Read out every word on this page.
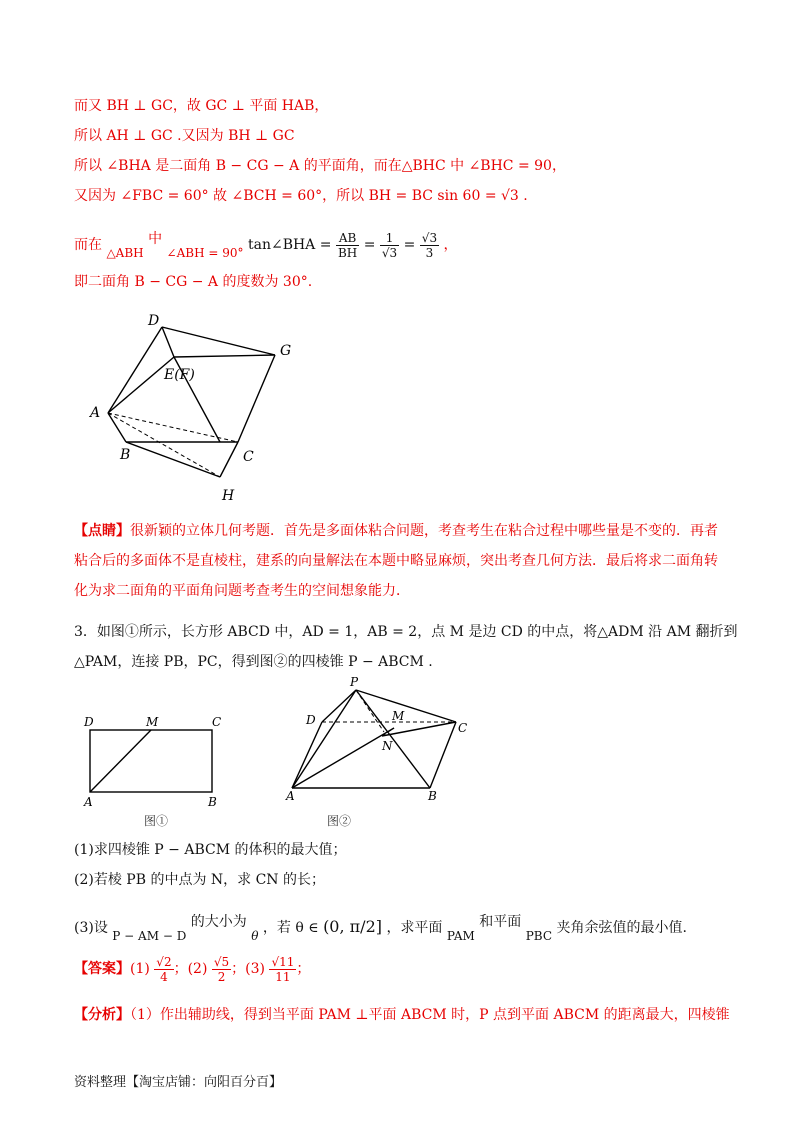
而又 BH ⊥ GC，故 GC ⊥ 平面 HAB，
所以 AH ⊥ GC .又因为 BH ⊥ GC
所以 ∠BHA 是二面角 B − CG − A 的平面角，而在△BHC 中 ∠BHC = 90，
又因为 ∠FBC = 60° 故 ∠BCH = 60°，所以 BH = BC sin 60 = √3 .
而在 △ABH 中 ∠ABH = 90° tan∠BHA = $\frac{AB}{BH} = \frac{1}{√3} = \frac{√3}{3}$ ，
即二面角 B − CG − A 的度数为 30°.
D
G
E(F)
A
B	C
H
【点睛】很新颖的立体几何考题．首先是多面体粘合问题，考查考生在粘合过程中哪些量是不变的．再者粘合后的多面体不是直棱柱，建系的向量解法在本题中略显麻烦，突出考查几何方法．最后将求二面角转化为求二面角的平面角问题考查考生的空间想象能力．
3．如图①所示，长方形 ABCD 中，AD = 1，AB = 2，点 M 是边 CD 的中点，将△ADM 沿 AM 翻折到
△PAM，连接 PB，PC，得到图②的四棱锥 P − ABCM .
D	M	C
A	B
图①
P
D	M
C
N
A	B
图②
(1)求四棱锥 P − ABCM 的体积的最大值；
(2)若棱 PB 的中点为 N，求 CN 的长；
(3)设 P − AM − D 的大小为 θ ，若 θ ∈ (0, π/2] ，求平面 PAM 和平面 PBC 夹角余弦值的最小值.
【答案】$(1) \frac{√2}{4}$ ；$(2) \frac{√5}{2}$ ；$(3) \frac{√11}{11}$ ；
【分析】（1）作出辅助线，得到当平面 PAM ⊥平面 ABCM 时，P 点到平面 ABCM 的距离最大，四棱锥
资料整理【淘宝店铺：向阳百分百】
